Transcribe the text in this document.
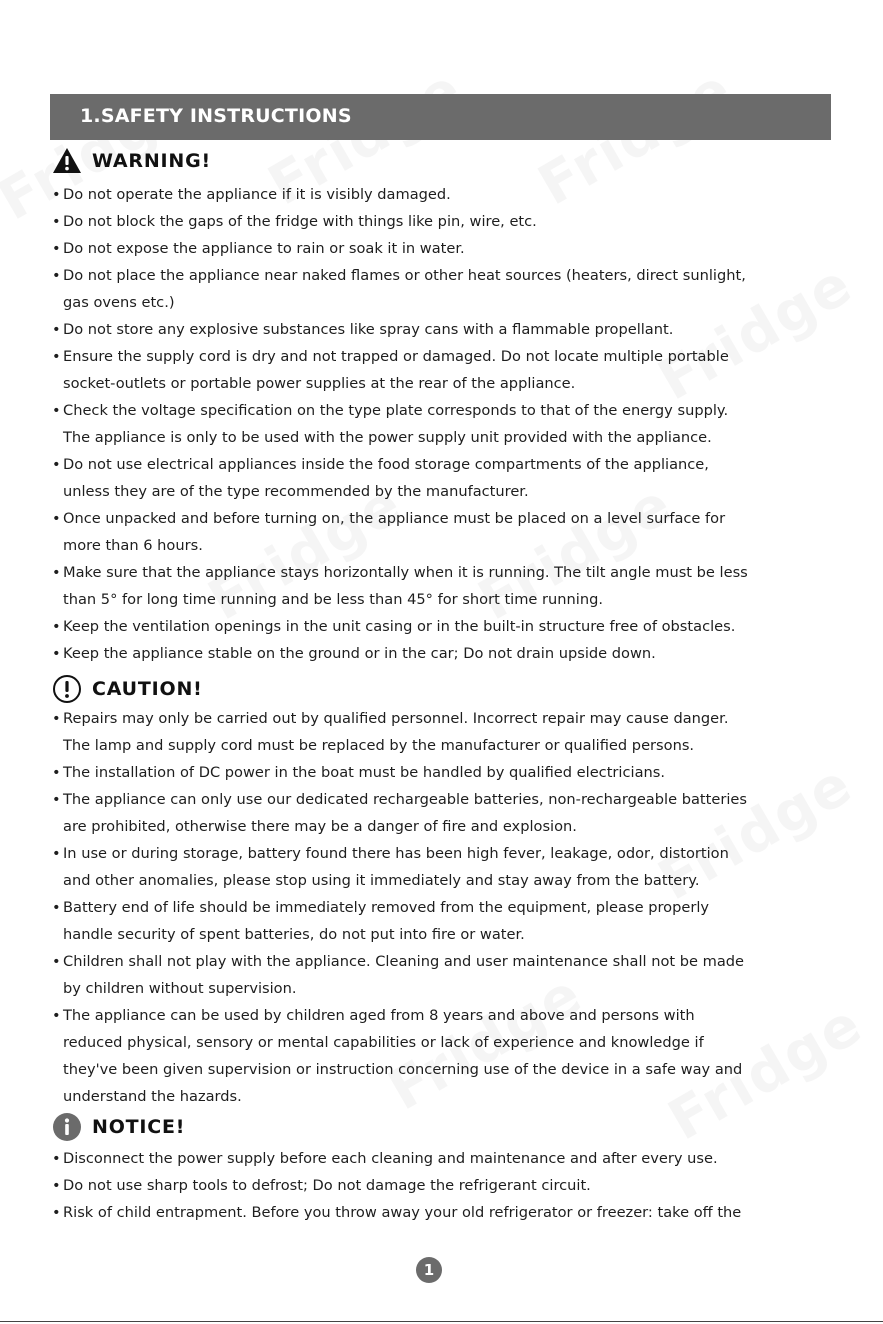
1.SAFETY INSTRUCTIONS
WARNING!
• Do not operate the appliance if it is visibly damaged.
• Do not block the gaps of the fridge with things like pin, wire, etc.
• Do not expose the appliance to rain or soak it in water.
• Do not place the appliance near naked flames or other heat sources (heaters, direct sunlight,
gas ovens etc.)
• Do not store any explosive substances like spray cans with a flammable propellant.
• Ensure the supply cord is dry and not trapped or damaged. Do not locate multiple portable
socket-outlets or portable power supplies at the rear of the appliance.
• Check the voltage specification on the type plate corresponds to that of the energy supply.
The appliance is only to be used with the power supply unit provided with the appliance.
• Do not use electrical appliances inside the food storage compartments of the appliance,
unless they are of the type recommended by the manufacturer.
• Once unpacked and before turning on, the appliance must be placed on a level surface for
more than 6 hours.
• Make sure that the appliance stays horizontally when it is running. The tilt angle must be less
than 5° for long time running and be less than 45° for short time running.
• Keep the ventilation openings in the unit casing or in the built-in structure free of obstacles.
• Keep the appliance stable on the ground or in the car; Do not drain upside down.
CAUTION!
• Repairs may only be carried out by qualified personnel. Incorrect repair may cause danger.
The lamp and supply cord must be replaced by the manufacturer or qualified persons.
• The installation of DC power in the boat must be handled by qualified electricians.
• The appliance can only use our dedicated rechargeable batteries, non-rechargeable batteries
are prohibited, otherwise there may be a danger of fire and explosion.
• In use or during storage, battery found there has been high fever, leakage, odor, distortion
and other anomalies, please stop using it immediately and stay away from the battery.
• Battery end of life should be immediately removed from the equipment, please properly
handle security of spent batteries, do not put into fire or water.
• Children shall not play with the appliance. Cleaning and user maintenance shall not be made
by children without supervision.
• The appliance can be used by children aged from 8 years and above and persons with
reduced physical, sensory or mental capabilities or lack of experience and knowledge if
they've been given supervision or instruction concerning use of the device in a safe way and
understand the hazards.
NOTICE!
• Disconnect the power supply before each cleaning and maintenance and after every use.
• Do not use sharp tools to defrost; Do not damage the refrigerant circuit.
• Risk of child entrapment. Before you throw away your old refrigerator or freezer: take off the
1
